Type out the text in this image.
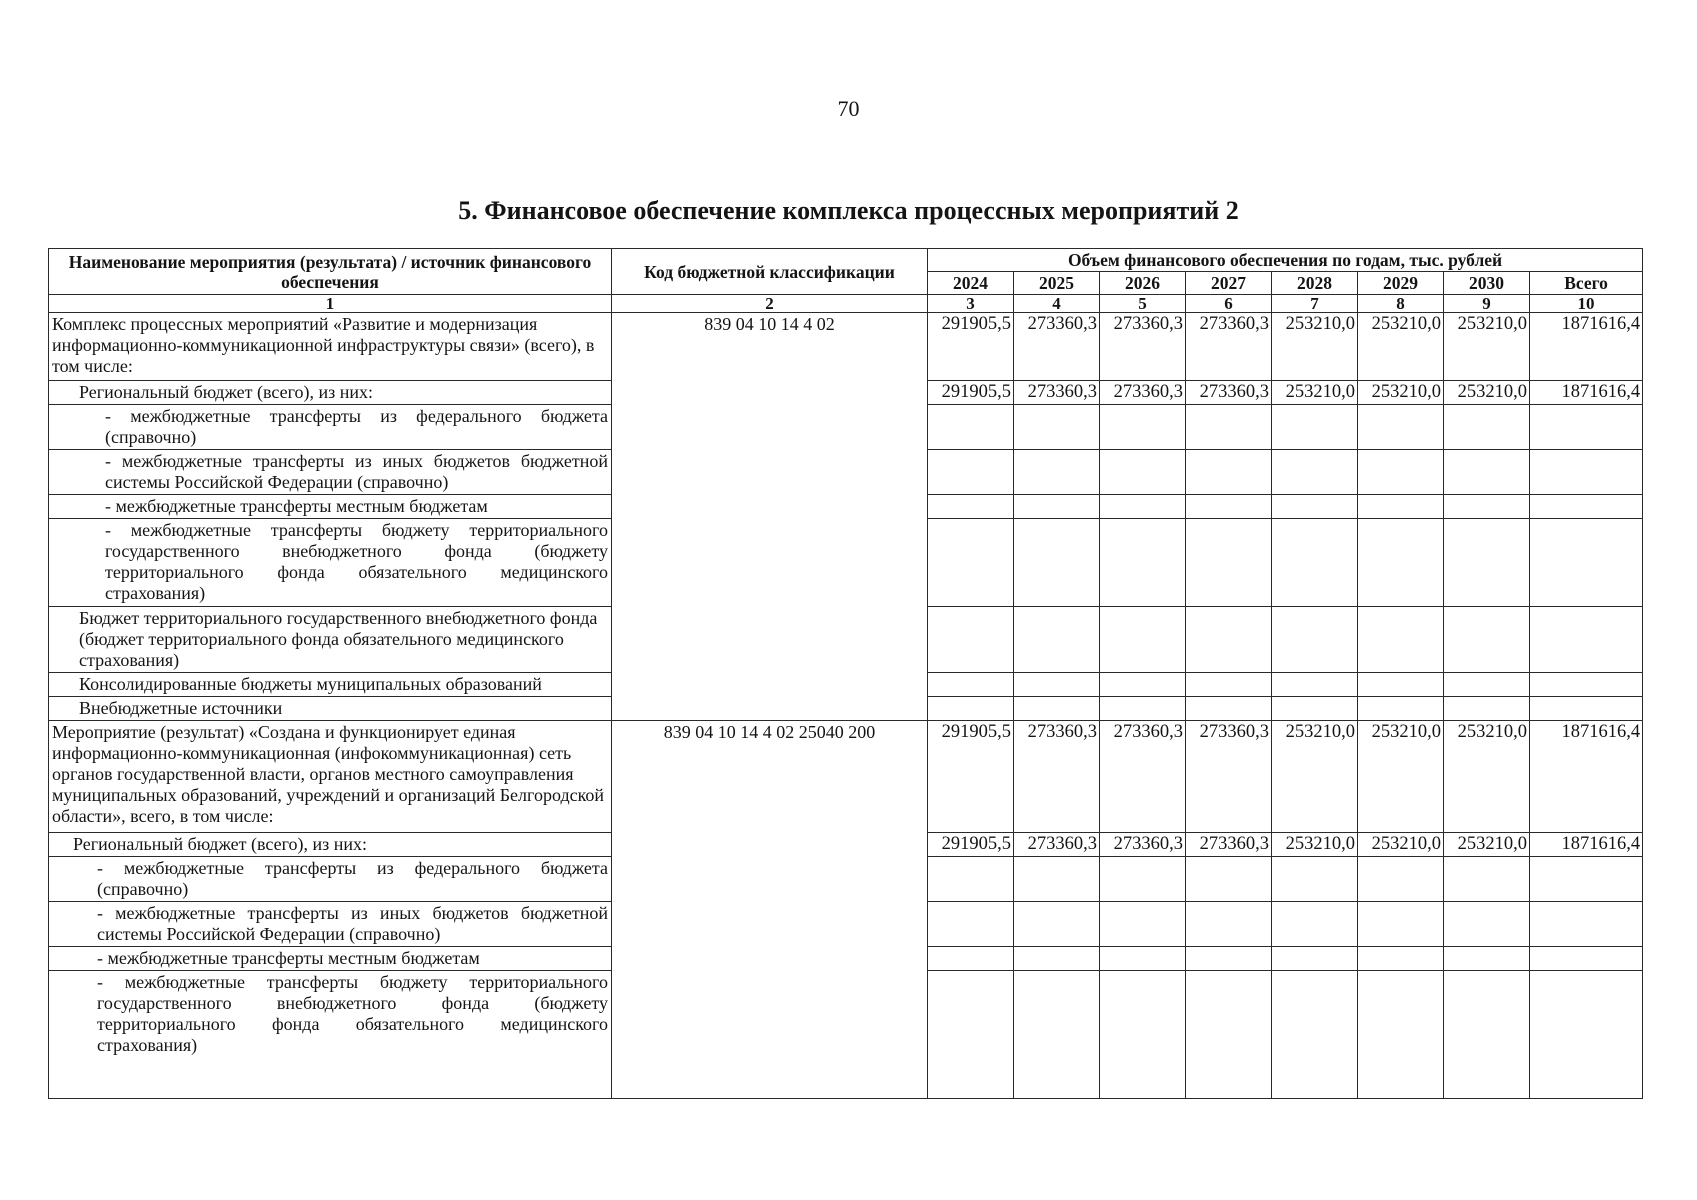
70
5. Финансовое обеспечение комплекса процессных мероприятий 2
Наименование мероприятия (результата) / источник финансового обеспечения	Код бюджетной классификации	Объем финансового обеспечения по годам, тыс. рублей							
		2024	2025	2026	2027	2028	2029	2030	Всего
1	2	3	4	5	6	7	8	9	10
Комплекс процессных мероприятий «Развитие и модернизация информационно-коммуникационной инфраструктуры связи» (всего), в том числе:	839 04 10 14 4 02	291905,5	273360,3	273360,3	273360,3	253210,0	253210,0	253210,0	1871616,4
Региональный бюджет (всего), из них:		291905,5	273360,3	273360,3	273360,3	253210,0	253210,0	253210,0	1871616,4
- межбюджетные трансферты из федерального бюджета (справочно)									
- межбюджетные трансферты из иных бюджетов бюджетной системы Российской Федерации (справочно)									
- межбюджетные трансферты местным бюджетам									
- межбюджетные трансферты бюджету территориального государственного внебюджетного фонда (бюджету территориального фонда обязательного медицинского страхования)									
Бюджет территориального государственного внебюджетного фонда (бюджет территориального фонда обязательного медицинского страхования)									
Консолидированные бюджеты муниципальных образований									
Внебюджетные источники									
Мероприятие (результат) «Создана и функционирует единая информационно-коммуникационная (инфокоммуникационная) сеть органов государственной власти, органов местного самоуправления муниципальных образований, учреждений и организаций Белгородской области», всего, в том числе:	839 04 10 14 4 02 25040 200	291905,5	273360,3	273360,3	273360,3	253210,0	253210,0	253210,0	1871616,4
Региональный бюджет (всего), из них:		291905,5	273360,3	273360,3	273360,3	253210,0	253210,0	253210,0	1871616,4
- межбюджетные трансферты из федерального бюджета (справочно)									
- межбюджетные трансферты из иных бюджетов бюджетной системы Российской Федерации (справочно)									
- межбюджетные трансферты местным бюджетам									
- межбюджетные трансферты бюджету территориального государственного внебюджетного фонда (бюджету территориального фонда обязательного медицинского страхования)									
